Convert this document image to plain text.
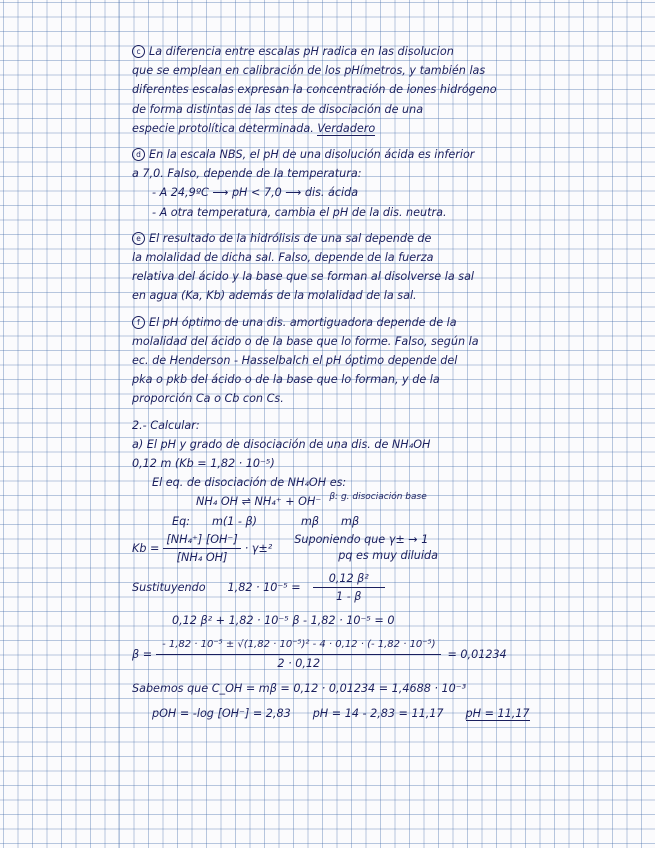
c La diferencia entre escalas pH radica en las disolucion
que se emplean en calibración de los pHímetros, y también las
diferentes escalas expresan la concentración de iones hidrógeno
de forma distintas de las ctes de disociación de una
especie protolítica determinada. Verdadero
d En la escala NBS, el pH de una disolución ácida es inferior
a 7,0. Falso, depende de la temperatura:
- A 24,9ºC ⟶ pH < 7,0 ⟶ dis. ácida
- A otra temperatura, cambia el pH de la dis. neutra.
e El resultado de la hidrólisis de una sal depende de
la molalidad de dicha sal. Falso, depende de la fuerza
relativa del ácido y la base que se forman al disolverse la sal
en agua (Ka, Kb) además de la molalidad de la sal.
f El pH óptimo de una dis. amortiguadora depende de la
molalidad del ácido o de la base que lo forme. Falso, según la
ec. de Henderson - Hasselbalch el pH óptimo depende del
pka o pkb del ácido o de la base que lo forman, y de la
proporción Ca o Cb con Cs.
2.- Calcular:
a) El pH y grado de disociación de una dis. de NH₄OH
0,12 m (Kb = 1,82 · 10⁻⁵)
El eq. de disociación de NH₄OH es:
NH₄ OH ⇌ NH₄⁺ + OH⁻ β: g. disociación base
Eq: m(1 - β)	mβ mβ
$Kb = \frac{\text{[NH₄⁺] [OH⁻]}}{\text{[NH₄ OH]}} \cdot \gamma\pm^2$
Suponiendo que γ± → 1
pq es muy diluida
Sustituyendo $1,82 \cdot 10^{-5} = \frac{\text{0,12 β²}}{1 - \beta}$
0,12 β² + 1,82 · 10⁻⁵ β - 1,82 · 10⁻⁵ = 0
$\beta = \frac{\text{- 1,82 · 10⁻⁵ ± √(1,82 · 10⁻⁵)² - 4 · 0,12 · (- 1,82 · 10⁻⁵)}}{2 \cdot 0,12} = 0,01234$
Sabemos que C_OH = mβ = 0,12 · 0,01234 = 1,4688 · 10⁻³
pOH = -log [OH⁻] = 2,83 pH = 14 - 2,83 = 11,17 pH = 11,17
